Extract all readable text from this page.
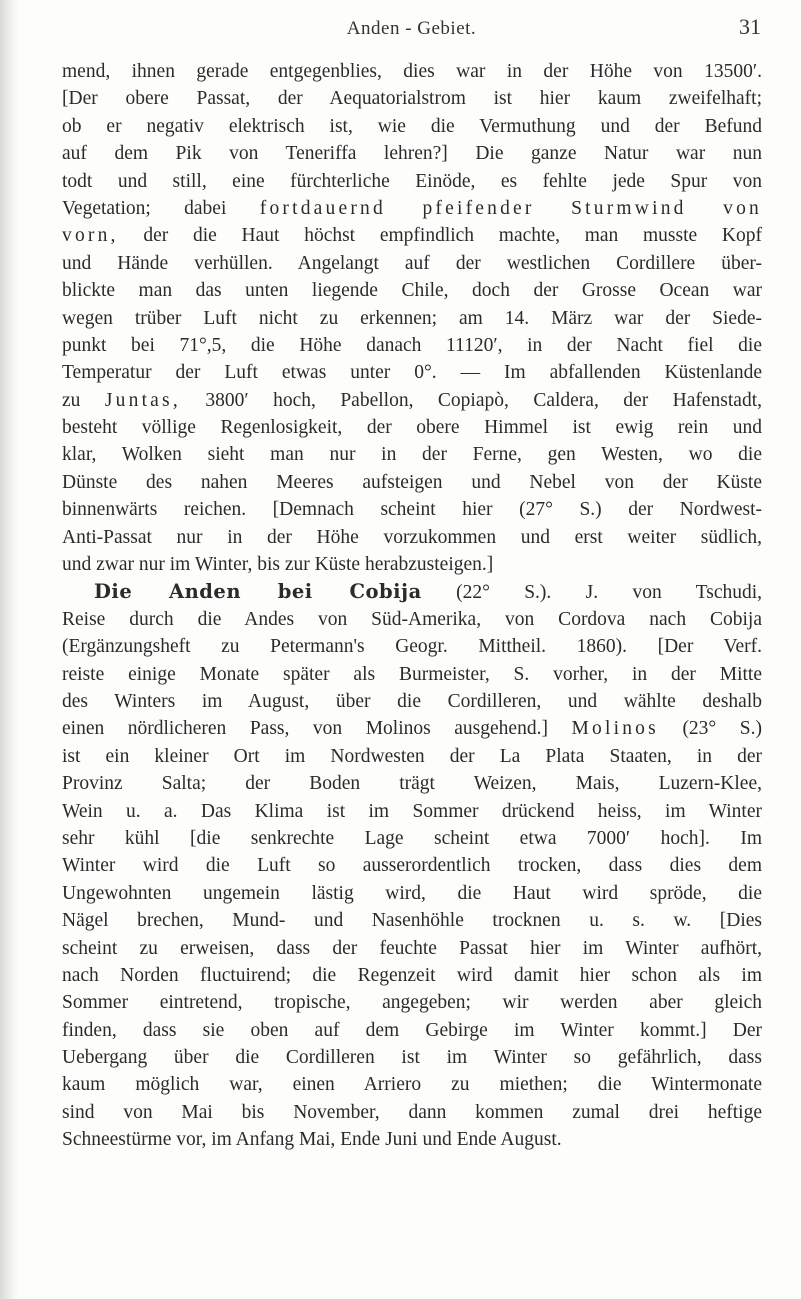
Anden - Gebiet.	31
mend, ihnen gerade entgegenblies, dies war in der Höhe von 13500′.
[Der obere Passat, der Aequatorialstrom ist hier kaum zweifelhaft;
ob er negativ elektrisch ist, wie die Vermuthung und der Befund
auf dem Pik von Teneriffa lehren?] Die ganze Natur war nun
todt und still, eine fürchterliche Einöde, es fehlte jede Spur von
Vegetation; dabei fortdauernd pfeifender Sturmwind von
vorn, der die Haut höchst empfindlich machte, man musste Kopf
und Hände verhüllen. Angelangt auf der westlichen Cordillere über-
blickte man das unten liegende Chile, doch der Grosse Ocean war
wegen trüber Luft nicht zu erkennen; am 14. März war der Siede-
punkt bei 71°,5, die Höhe danach 11120′, in der Nacht fiel die
Temperatur der Luft etwas unter 0°. — Im abfallenden Küstenlande
zu Juntas, 3800′ hoch, Pabellon, Copiapò, Caldera, der Hafenstadt,
besteht völlige Regenlosigkeit, der obere Himmel ist ewig rein und
klar, Wolken sieht man nur in der Ferne, gen Westen, wo die
Dünste des nahen Meeres aufsteigen und Nebel von der Küste
binnenwärts reichen. [Demnach scheint hier (27° S.) der Nordwest-
Anti-Passat nur in der Höhe vorzukommen und erst weiter südlich,
und zwar nur im Winter, bis zur Küste herabzusteigen.]
Die Anden bei Cobija (22° S.). J. von Tschudi,
Reise durch die Andes von Süd-Amerika, von Cordova nach Cobija
(Ergänzungsheft zu Petermann's Geogr. Mittheil. 1860). [Der Verf.
reiste einige Monate später als Burmeister, S. vorher, in der Mitte
des Winters im August, über die Cordilleren, und wählte deshalb
einen nördlicheren Pass, von Molinos ausgehend.] Molinos (23° S.)
ist ein kleiner Ort im Nordwesten der La Plata Staaten, in der
Provinz Salta; der Boden trägt Weizen, Mais, Luzern-Klee,
Wein u. a. Das Klima ist im Sommer drückend heiss, im Winter
sehr kühl [die senkrechte Lage scheint etwa 7000′ hoch]. Im
Winter wird die Luft so ausserordentlich trocken, dass dies dem
Ungewohnten ungemein lästig wird, die Haut wird spröde, die
Nägel brechen, Mund- und Nasenhöhle trocknen u. s. w. [Dies
scheint zu erweisen, dass der feuchte Passat hier im Winter aufhört,
nach Norden fluctuirend; die Regenzeit wird damit hier schon als im
Sommer eintretend, tropische, angegeben; wir werden aber gleich
finden, dass sie oben auf dem Gebirge im Winter kommt.] Der
Uebergang über die Cordilleren ist im Winter so gefährlich, dass
kaum möglich war, einen Arriero zu miethen; die Wintermonate
sind von Mai bis November, dann kommen zumal drei heftige
Schneestürme vor, im Anfang Mai, Ende Juni und Ende August.
